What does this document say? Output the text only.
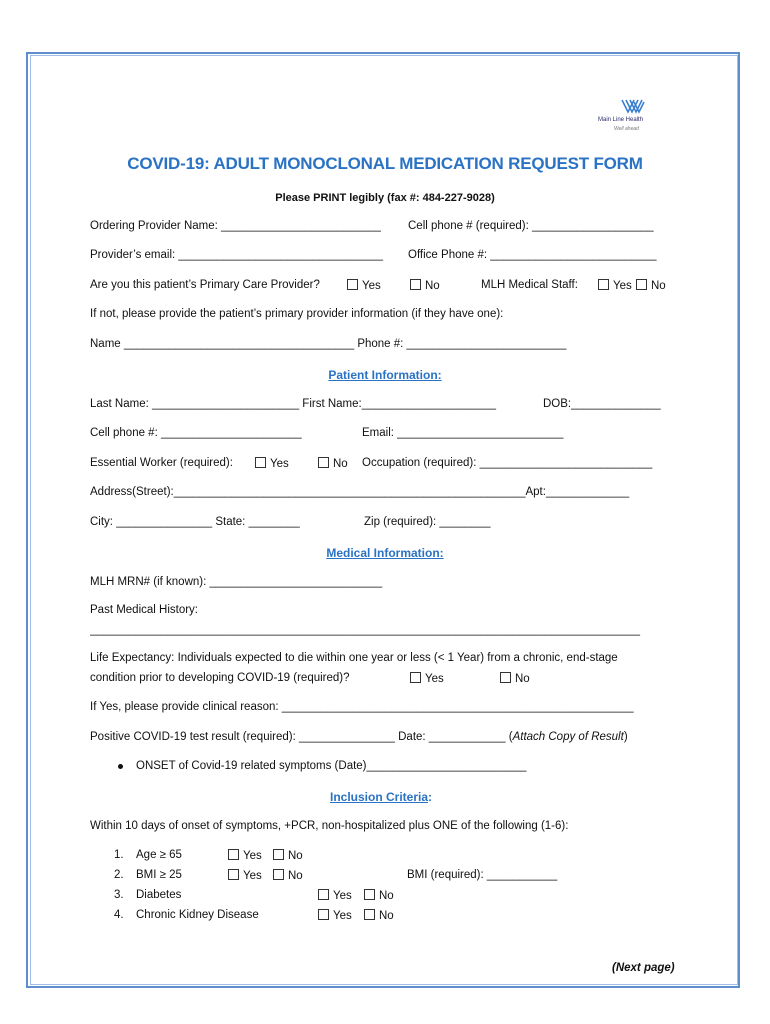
Main Line Health
Well ahead
COVID-19: ADULT MONOCLONAL MEDICATION REQUEST FORM
Please PRINT legibly (fax #: 484-227-9028)
Ordering Provider Name: _________________________ Cell phone # (required): ___________________
Provider’s email: ________________________________ Office Phone #: __________________________
Are you this patient’s Primary Care Provider?	Yes	No	MLH Medical Staff:	Yes	No
If not, please provide the patient’s primary provider information (if they have one):
Name ____________________________________ Phone #: _________________________
Patient Information:
Last Name: _______________________ First Name:_____________________	DOB:______________
Cell phone #: ______________________	Email: __________________________
Essential Worker (required):	Yes	No Occupation (required): ___________________________
Address(Street):_______________________________________________________Apt:_____________
City: _______________ State: ________	Zip (required): ________
Medical Information:
MLH MRN# (if known): ___________________________
Past Medical History:
______________________________________________________________________________________
Life Expectancy: Individuals expected to die within one year or less (< 1 Year) from a chronic, end-stage
condition prior to developing COVID-19 (required)?	Yes	No
If Yes, please provide clinical reason: _______________________________________________________
Positive COVID-19 test result (required): _______________ Date: ____________ (Attach Copy of Result)
ONSET of Covid-19 related symptoms (Date)_________________________
Inclusion Criteria:
Within 10 days of onset of symptoms, +PCR, non-hospitalized plus ONE of the following (1-6):
1. Age ≥ 65	Yes	No
2. BMI ≥ 25	Yes	No	BMI (required): ___________
3. Diabetes	Yes	No
4. Chronic Kidney Disease	Yes	No
(Next page)
